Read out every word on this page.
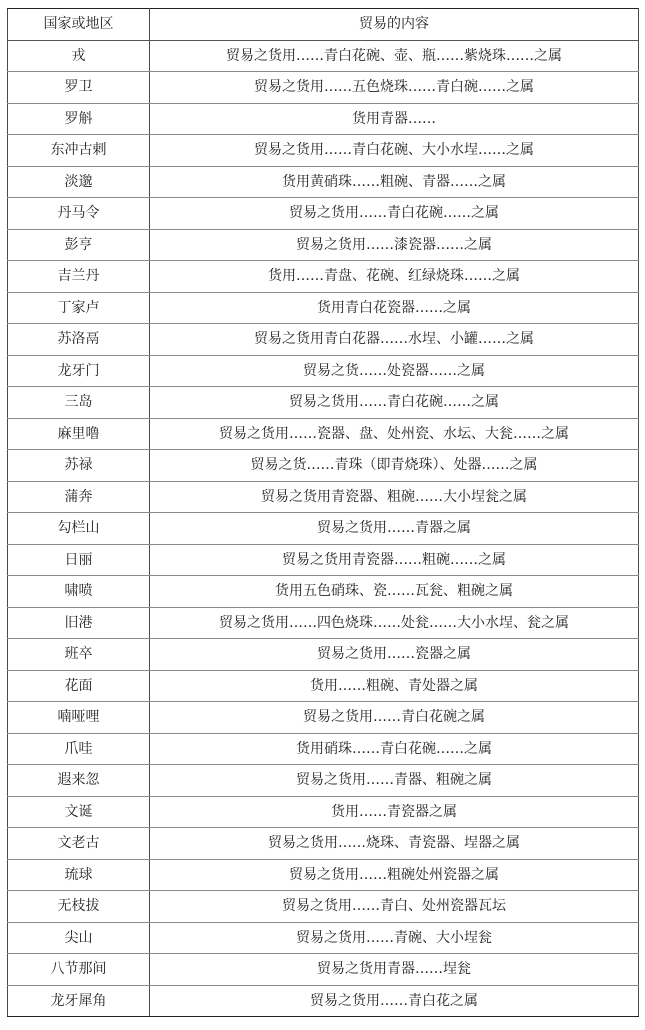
国家或地区	贸易的内容
戎	贸易之货用……青白花碗、壶、瓶……紫烧珠……之属
罗卫	贸易之货用……五色烧珠……青白碗……之属
罗斛	货用青器……
东冲古剌	贸易之货用……青白花碗、大小水埕……之属
淡邈	货用黄硝珠……粗碗、青器……之属
丹马令	贸易之货用……青白花碗……之属
彭亨	贸易之货用……漆瓷器……之属
吉兰丹	货用……青盘、花碗、红绿烧珠……之属
丁家卢	货用青白花瓷器……之属
苏洛鬲	贸易之货用青白花器……水埕、小罐……之属
龙牙门	贸易之货……处瓷器……之属
三岛	贸易之货用……青白花碗……之属
麻里噜	贸易之货用……瓷器、盘、处州瓷、水坛、大瓮……之属
苏禄	贸易之货……青珠（即青烧珠）、处器……之属
蒲奔	贸易之货用青瓷器、粗碗……大小埕瓮之属
勾栏山	贸易之货用……青器之属
日丽	贸易之货用青瓷器……粗碗……之属
啸喷	货用五色硝珠、瓷……瓦瓮、粗碗之属
旧港	贸易之货用……四色烧珠……处瓮……大小水埕、瓮之属
班卒	贸易之货用……瓷器之属
花面	货用……粗碗、青处器之属
喃哑哩	贸易之货用……青白花碗之属
爪哇	货用硝珠……青白花碗……之属
遐来忽	贸易之货用……青器、粗碗之属
文诞	货用……青瓷器之属
文老古	贸易之货用……烧珠、青瓷器、埕器之属
琉球	贸易之货用……粗碗处州瓷器之属
无枝拔	贸易之货用……青白、处州瓷器瓦坛
尖山	贸易之货用……青碗、大小埕瓮
八节那间	贸易之货用青器……埕瓮
龙牙犀角	贸易之货用……青白花之属
